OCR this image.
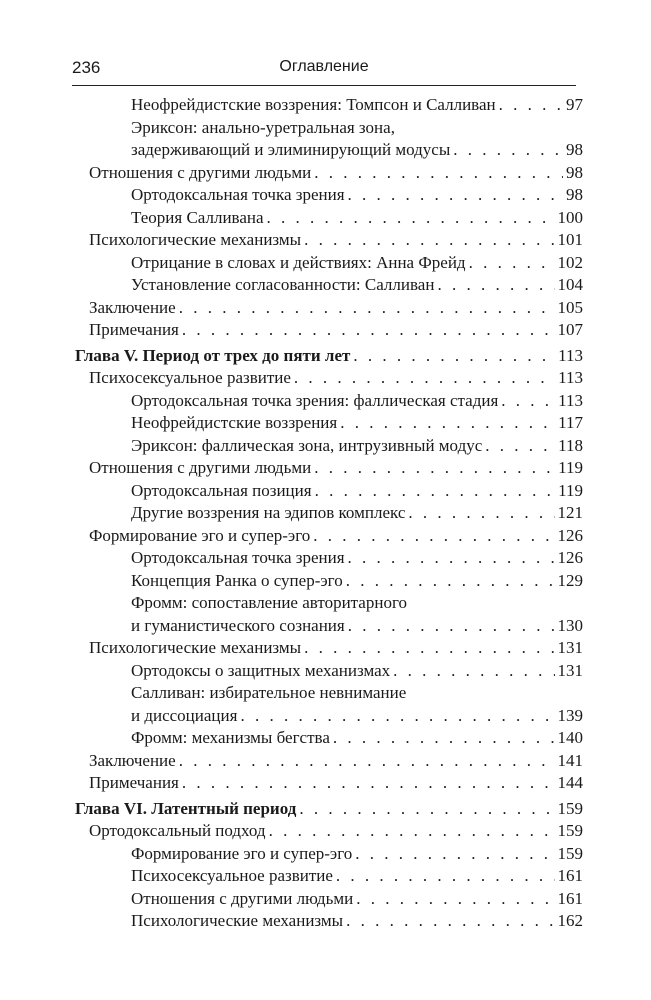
236	Оглавление
Неофрейдистские воззрения: Томпсон и Салливан . . .	97
Эриксон: анально-уретральная зона,
задерживающий и элиминирующий модусы . . .	98
Отношения с другими людьми . . .	98
Ортодоксальная точка зрения . . .	98
Теория Салливана . . .	100
Психологические механизмы . . .	101
Отрицание в словах и действиях: Анна Фрейд . . .	102
Установление согласованности: Салливан . . .	104
Заключение . . .	105
Примечания . . .	107
Глава V. Период от трех до пяти лет . . .	113
Психосексуальное развитие . . .	113
Ортодоксальная точка зрения: фаллическая стадия . . .	113
Неофрейдистские воззрения . . .	117
Эриксон: фаллическая зона, интрузивный модус . . .	118
Отношения с другими людьми . . .	119
Ортодоксальная позиция . . .	119
Другие воззрения на эдипов комплекс . . .	121
Формирование эго и супер-эго . . .	126
Ортодоксальная точка зрения . . .	126
Концепция Ранка о супер-эго . . .	129
Фромм: сопоставление авторитарного
и гуманистического сознания . . .	130
Психологические механизмы . . .	131
Ортодоксы о защитных механизмах . . .	131
Салливан: избирательное невнимание
и диссоциация . . .	139
Фромм: механизмы бегства . . .	140
Заключение . . .	141
Примечания . . .	144
Глава VI. Латентный период . . .	159
Ортодоксальный подход . . .	159
Формирование эго и супер-эго . . .	159
Психосексуальное развитие . . .	161
Отношения с другими людьми . . .	161
Психологические механизмы . . .	162
